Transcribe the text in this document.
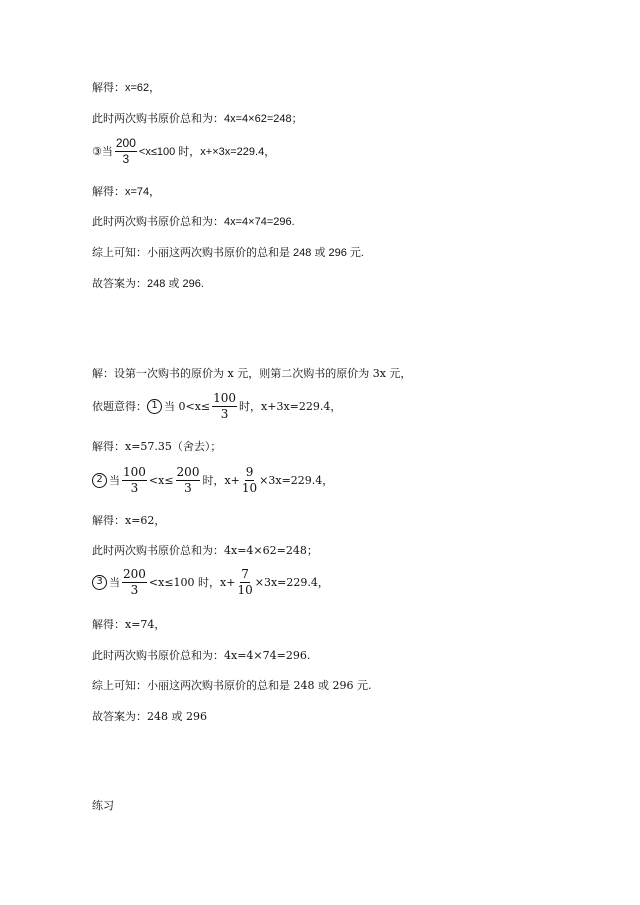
解得：x=62，
此时两次购书原价总和为：4x=4×62=248；
③当 $\frac{200}{3} <x\le 100$ 时，x+×3x=229.4，
解得：x=74，
此时两次购书原价总和为：4x=4×74=296.
综上可知：小丽这两次购书原价的总和是 248 或 296 元.
故答案为：248 或 296.
解：设第一次购书的原价为 x 元，则第二次购书的原价为 3x 元，
依题意得： 1 当 $0<x\le \frac{100}{3}$ 时，x+3x=229.4，
解得：x=57.35（舍去）；
2 当 $\frac{100}{3} <x\le \frac{200}{3}$ 时，$x+ \frac{9}{10} \times 3x=229.4$，
解得：x=62，
此时两次购书原价总和为：4x=4×62=248；
3 当 $\frac{200}{3} <x\le 100$ 时，$x+ \frac{7}{10} \times 3x=229.4$，
解得：x=74，
此时两次购书原价总和为：4x=4×74=296.
综上可知：小丽这两次购书原价的总和是 248 或 296 元.
故答案为：248 或 296
练习
